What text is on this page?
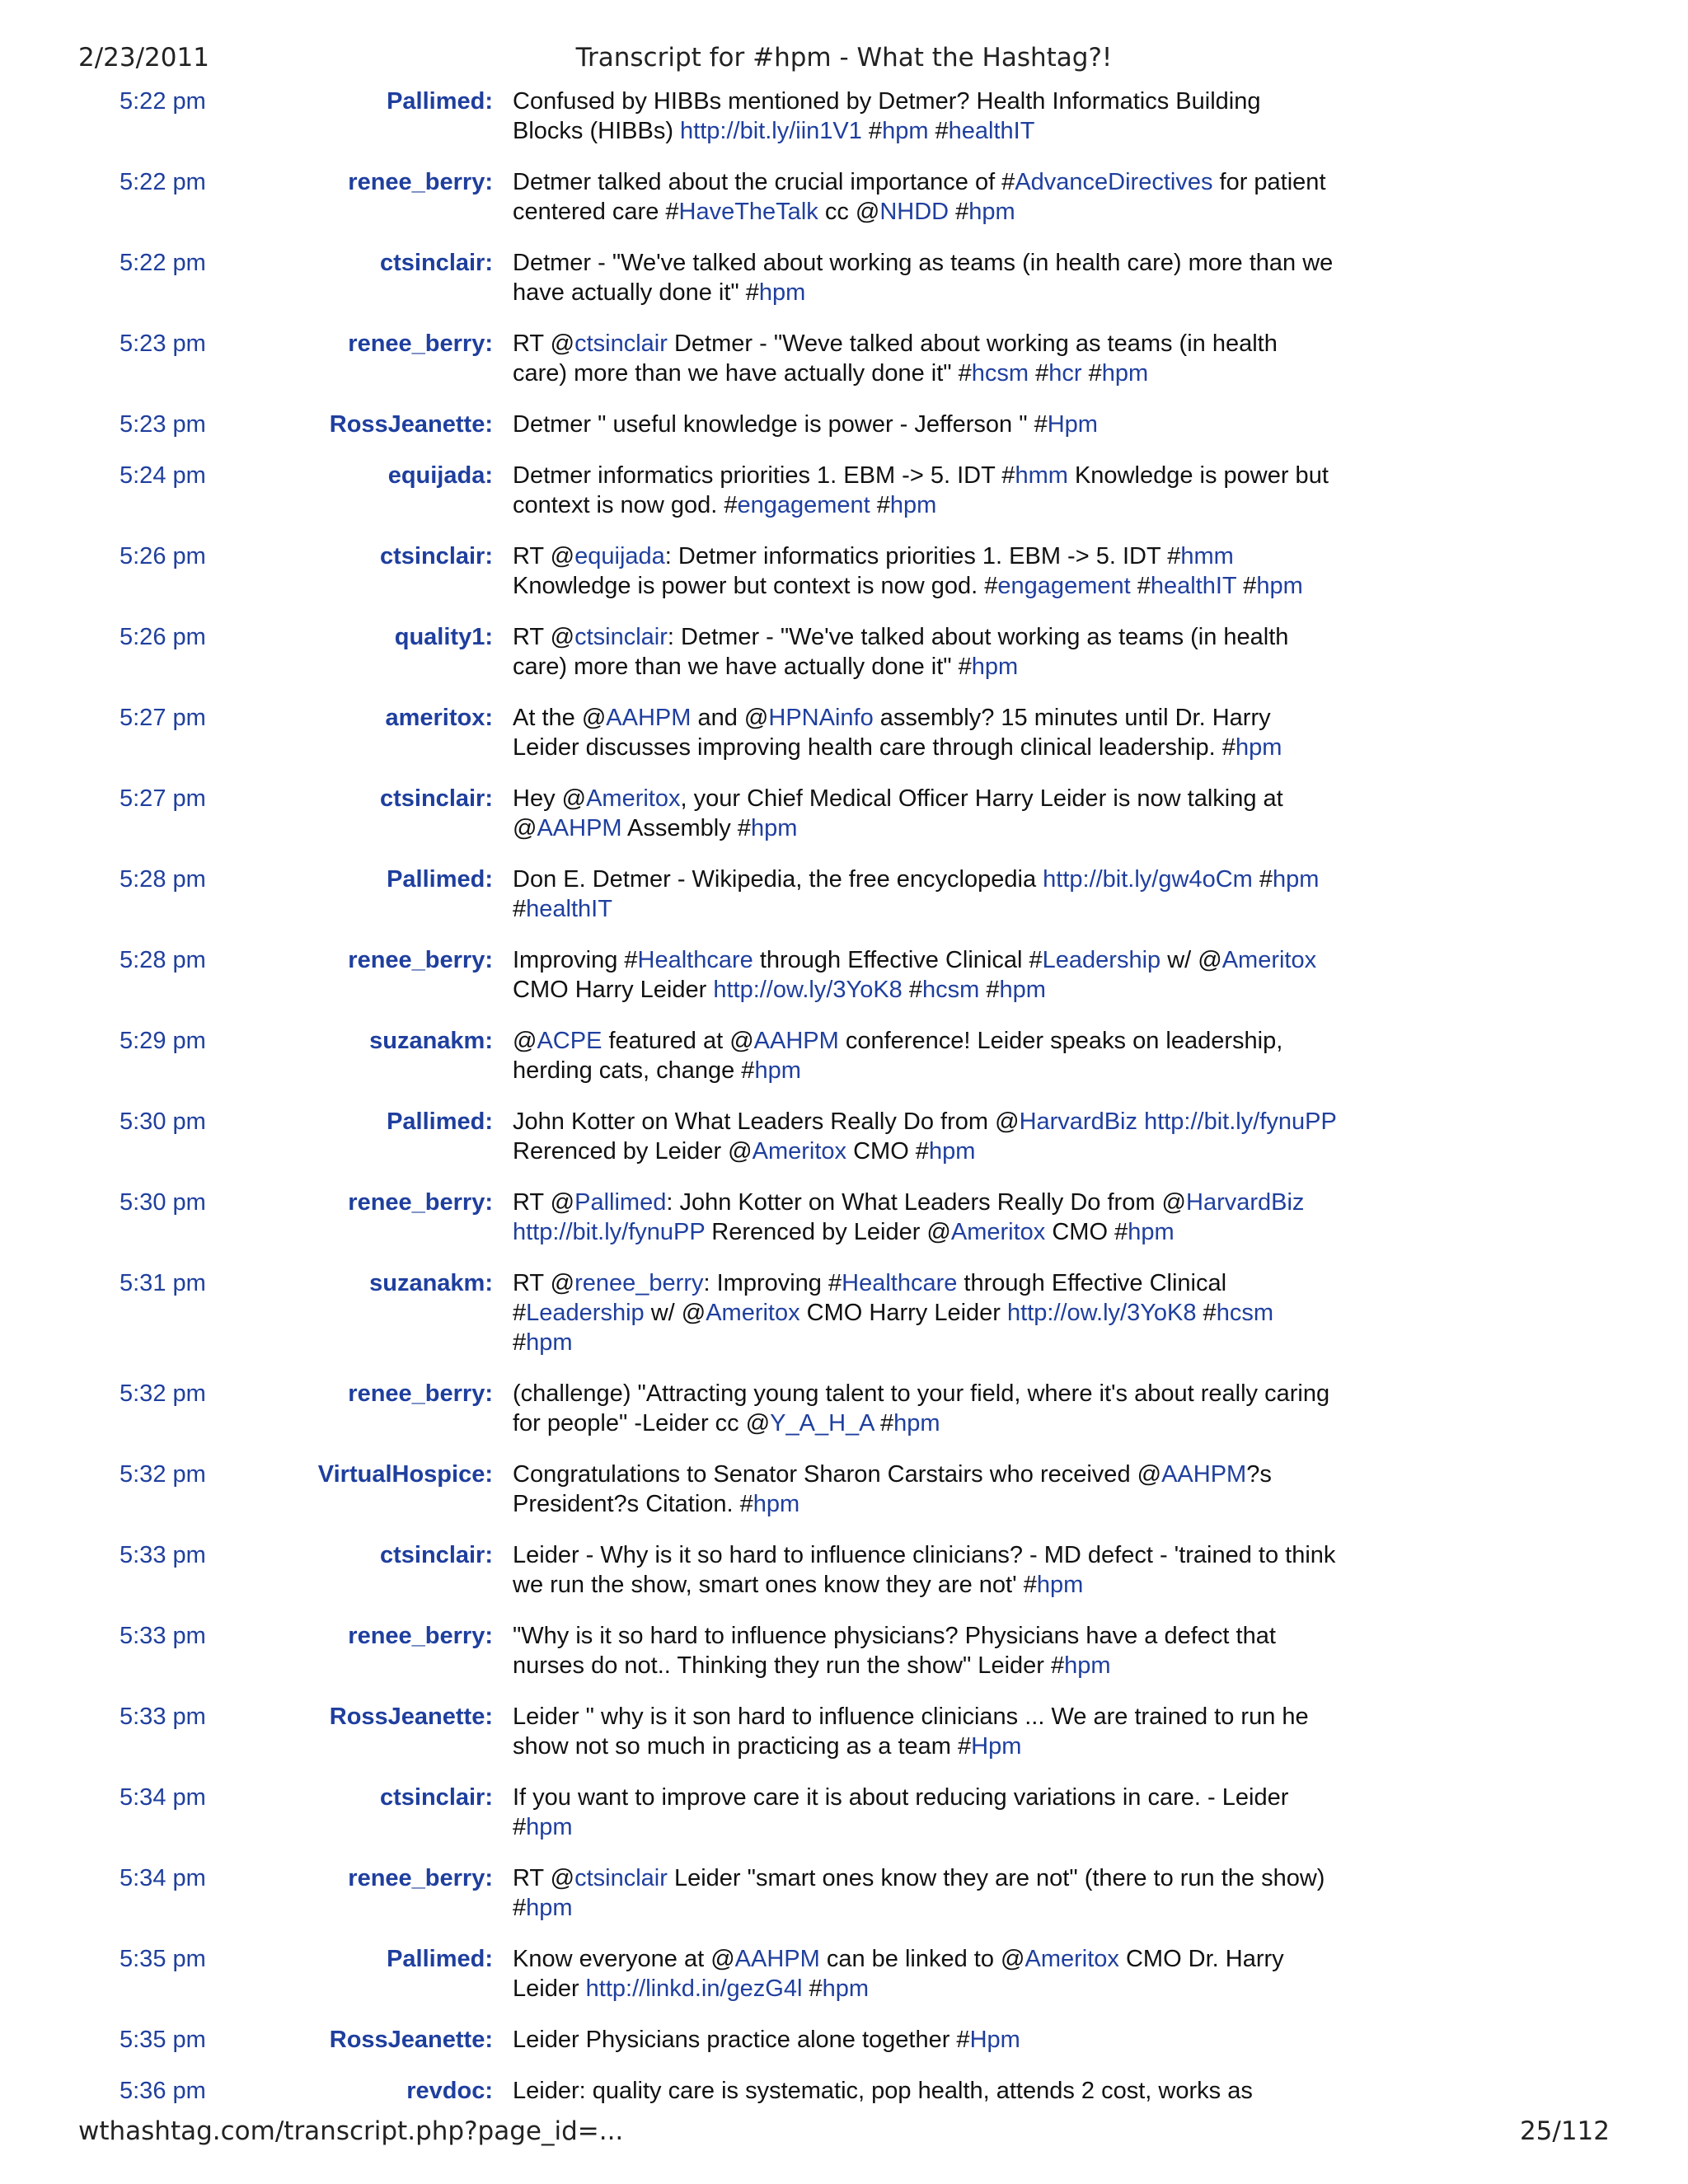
2/23/2011	Transcript for #hpm - What the Hashtag?!
5:22 pm	Pallimed: Confused by HIBBs mentioned by Detmer? Health Informatics Building Blocks (HIBBs) http://bit.ly/iin1V1 #hpm #healthIT
5:22 pm	renee_berry: Detmer talked about the crucial importance of #AdvanceDirectives for patient centered care #HaveTheTalk cc @NHDD #hpm
5:22 pm	ctsinclair: Detmer - "We've talked about working as teams (in health care) more than we have actually done it" #hpm
5:23 pm	renee_berry: RT @ctsinclair Detmer - "Weve talked about working as teams (in health care) more than we have actually done it" #hcsm #hcr #hpm
5:23 pm	RossJeanette: Detmer " useful knowledge is power - Jefferson " #Hpm
5:24 pm	equijada: Detmer informatics priorities 1. EBM -> 5. IDT #hmm Knowledge is power but context is now god. #engagement #hpm
5:26 pm	ctsinclair: RT @equijada: Detmer informatics priorities 1. EBM -> 5. IDT #hmm Knowledge is power but context is now god. #engagement #healthIT #hpm
5:26 pm	quality1: RT @ctsinclair: Detmer - "We've talked about working as teams (in health care) more than we have actually done it" #hpm
5:27 pm	ameritox: At the @AAHPM and @HPNAinfo assembly? 15 minutes until Dr. Harry Leider discusses improving health care through clinical leadership. #hpm
5:27 pm	ctsinclair: Hey @Ameritox, your Chief Medical Officer Harry Leider is now talking at @AAHPM Assembly #hpm
5:28 pm	Pallimed: Don E. Detmer - Wikipedia, the free encyclopedia http://bit.ly/gw4oCm #hpm #healthIT
5:28 pm	renee_berry: Improving #Healthcare through Effective Clinical #Leadership w/ @Ameritox CMO Harry Leider http://ow.ly/3YoK8 #hcsm #hpm
5:29 pm	suzanakm: @ACPE featured at @AAHPM conference! Leider speaks on leadership, herding cats, change #hpm
5:30 pm	Pallimed: John Kotter on What Leaders Really Do from @HarvardBiz http://bit.ly/fynuPP Rerenced by Leider @Ameritox CMO #hpm
5:30 pm	renee_berry: RT @Pallimed: John Kotter on What Leaders Really Do from @HarvardBiz http://bit.ly/fynuPP Rerenced by Leider @Ameritox CMO #hpm
5:31 pm	suzanakm: RT @renee_berry: Improving #Healthcare through Effective Clinical #Leadership w/ @Ameritox CMO Harry Leider http://ow.ly/3YoK8 #hcsm #hpm
5:32 pm	renee_berry: (challenge) "Attracting young talent to your field, where it's about really caring for people" -Leider cc @Y_A_H_A #hpm
5:32 pm	VirtualHospice: Congratulations to Senator Sharon Carstairs who received @AAHPM?s President?s Citation. #hpm
5:33 pm	ctsinclair: Leider - Why is it so hard to influence clinicians? - MD defect - 'trained to think we run the show, smart ones know they are not' #hpm
5:33 pm	renee_berry: "Why is it so hard to influence physicians? Physicians have a defect that nurses do not.. Thinking they run the show" Leider #hpm
5:33 pm	RossJeanette: Leider " why is it son hard to influence clinicians ... We are trained to run he show not so much in practicing as a team #Hpm
5:34 pm	ctsinclair: If you want to improve care it is about reducing variations in care. - Leider #hpm
5:34 pm	renee_berry: RT @ctsinclair Leider "smart ones know they are not" (there to run the show) #hpm
5:35 pm	Pallimed: Know everyone at @AAHPM can be linked to @Ameritox CMO Dr. Harry Leider http://linkd.in/gezG4l #hpm
5:35 pm	RossJeanette: Leider Physicians practice alone together #Hpm
5:36 pm	revdoc: Leider: quality care is systematic, pop health, attends 2 cost, works as
wthashtag.com/transcript.php?page_id=...	25/112
